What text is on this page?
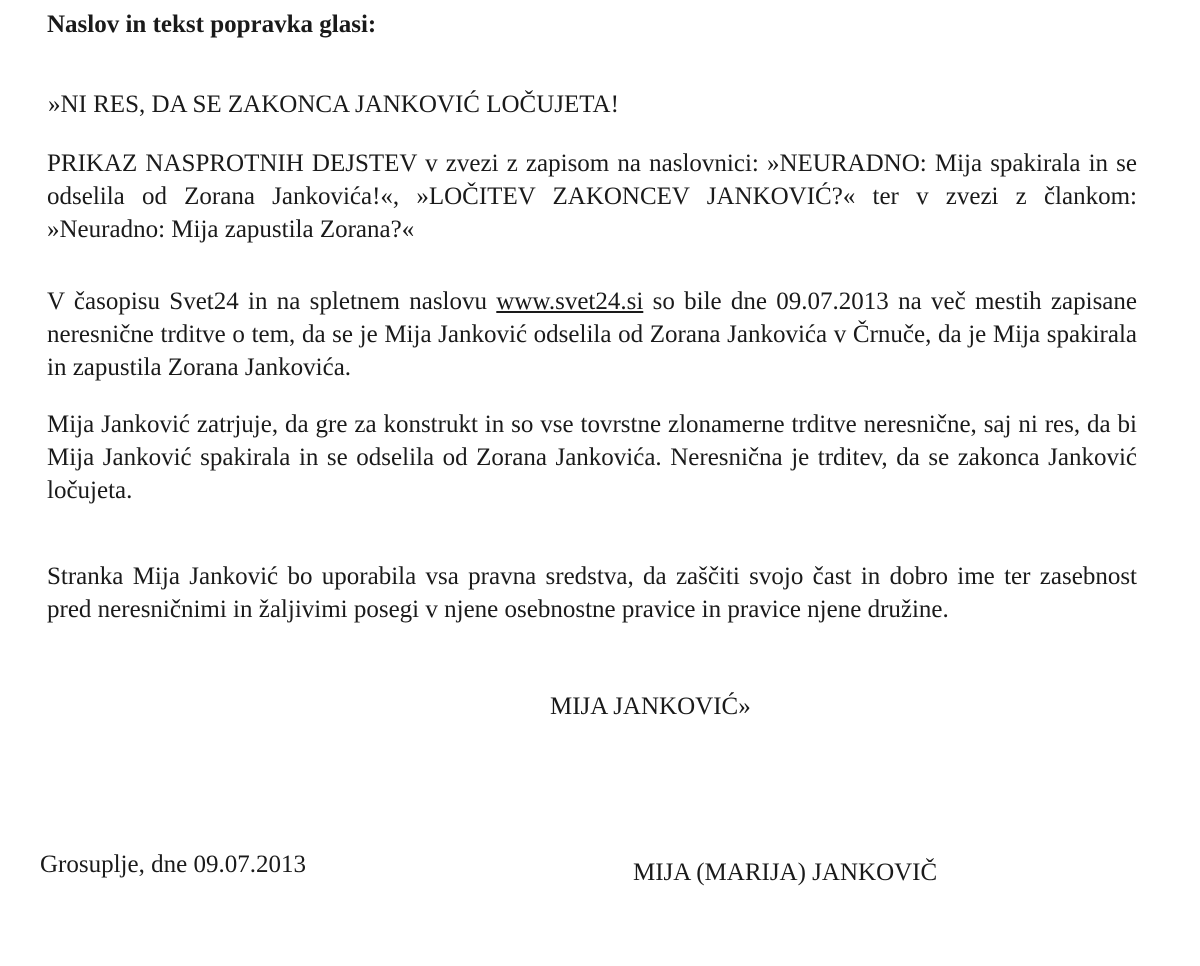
Naslov in tekst popravka glasi:

»NI RES, DA SE ZAKONCA JANKOVIĆ LOČUJETA!

PRIKAZ NASPROTNIH DEJSTEV v zvezi z zapisom na naslovnici: »NEURADNO: Mija spakirala in se odselila od Zorana Jankovića!«, »LOČITEV ZAKONCEV JANKOVIĆ?« ter v zvezi z člankom: »Neuradno: Mija zapustila Zorana?«

V časopisu Svet24 in na spletnem naslovu www.svet24.si so bile dne 09.07.2013 na več mestih zapisane neresnične trditve o tem, da se je Mija Janković odselila od Zorana Jankovića v Črnuče, da je Mija spakirala in zapustila Zorana Jankovića.

Mija Janković zatrjuje, da gre za konstrukt in so vse tovrstne zlonamerne trditve neresnične, saj ni res, da bi Mija Janković spakirala in se odselila od Zorana Jankovića. Neresnična je trditev, da se zakonca Janković ločujeta.

Stranka Mija Janković bo uporabila vsa pravna sredstva, da zaščiti svojo čast in dobro ime ter zasebnost pred neresničnimi in žaljivimi posegi v njene osebnostne pravice in pravice njene družine.

MIJA JANKOVIĆ»

Grosuplje, dne 09.07.2013	MIJA (MARIJA) JANKOVIČ
